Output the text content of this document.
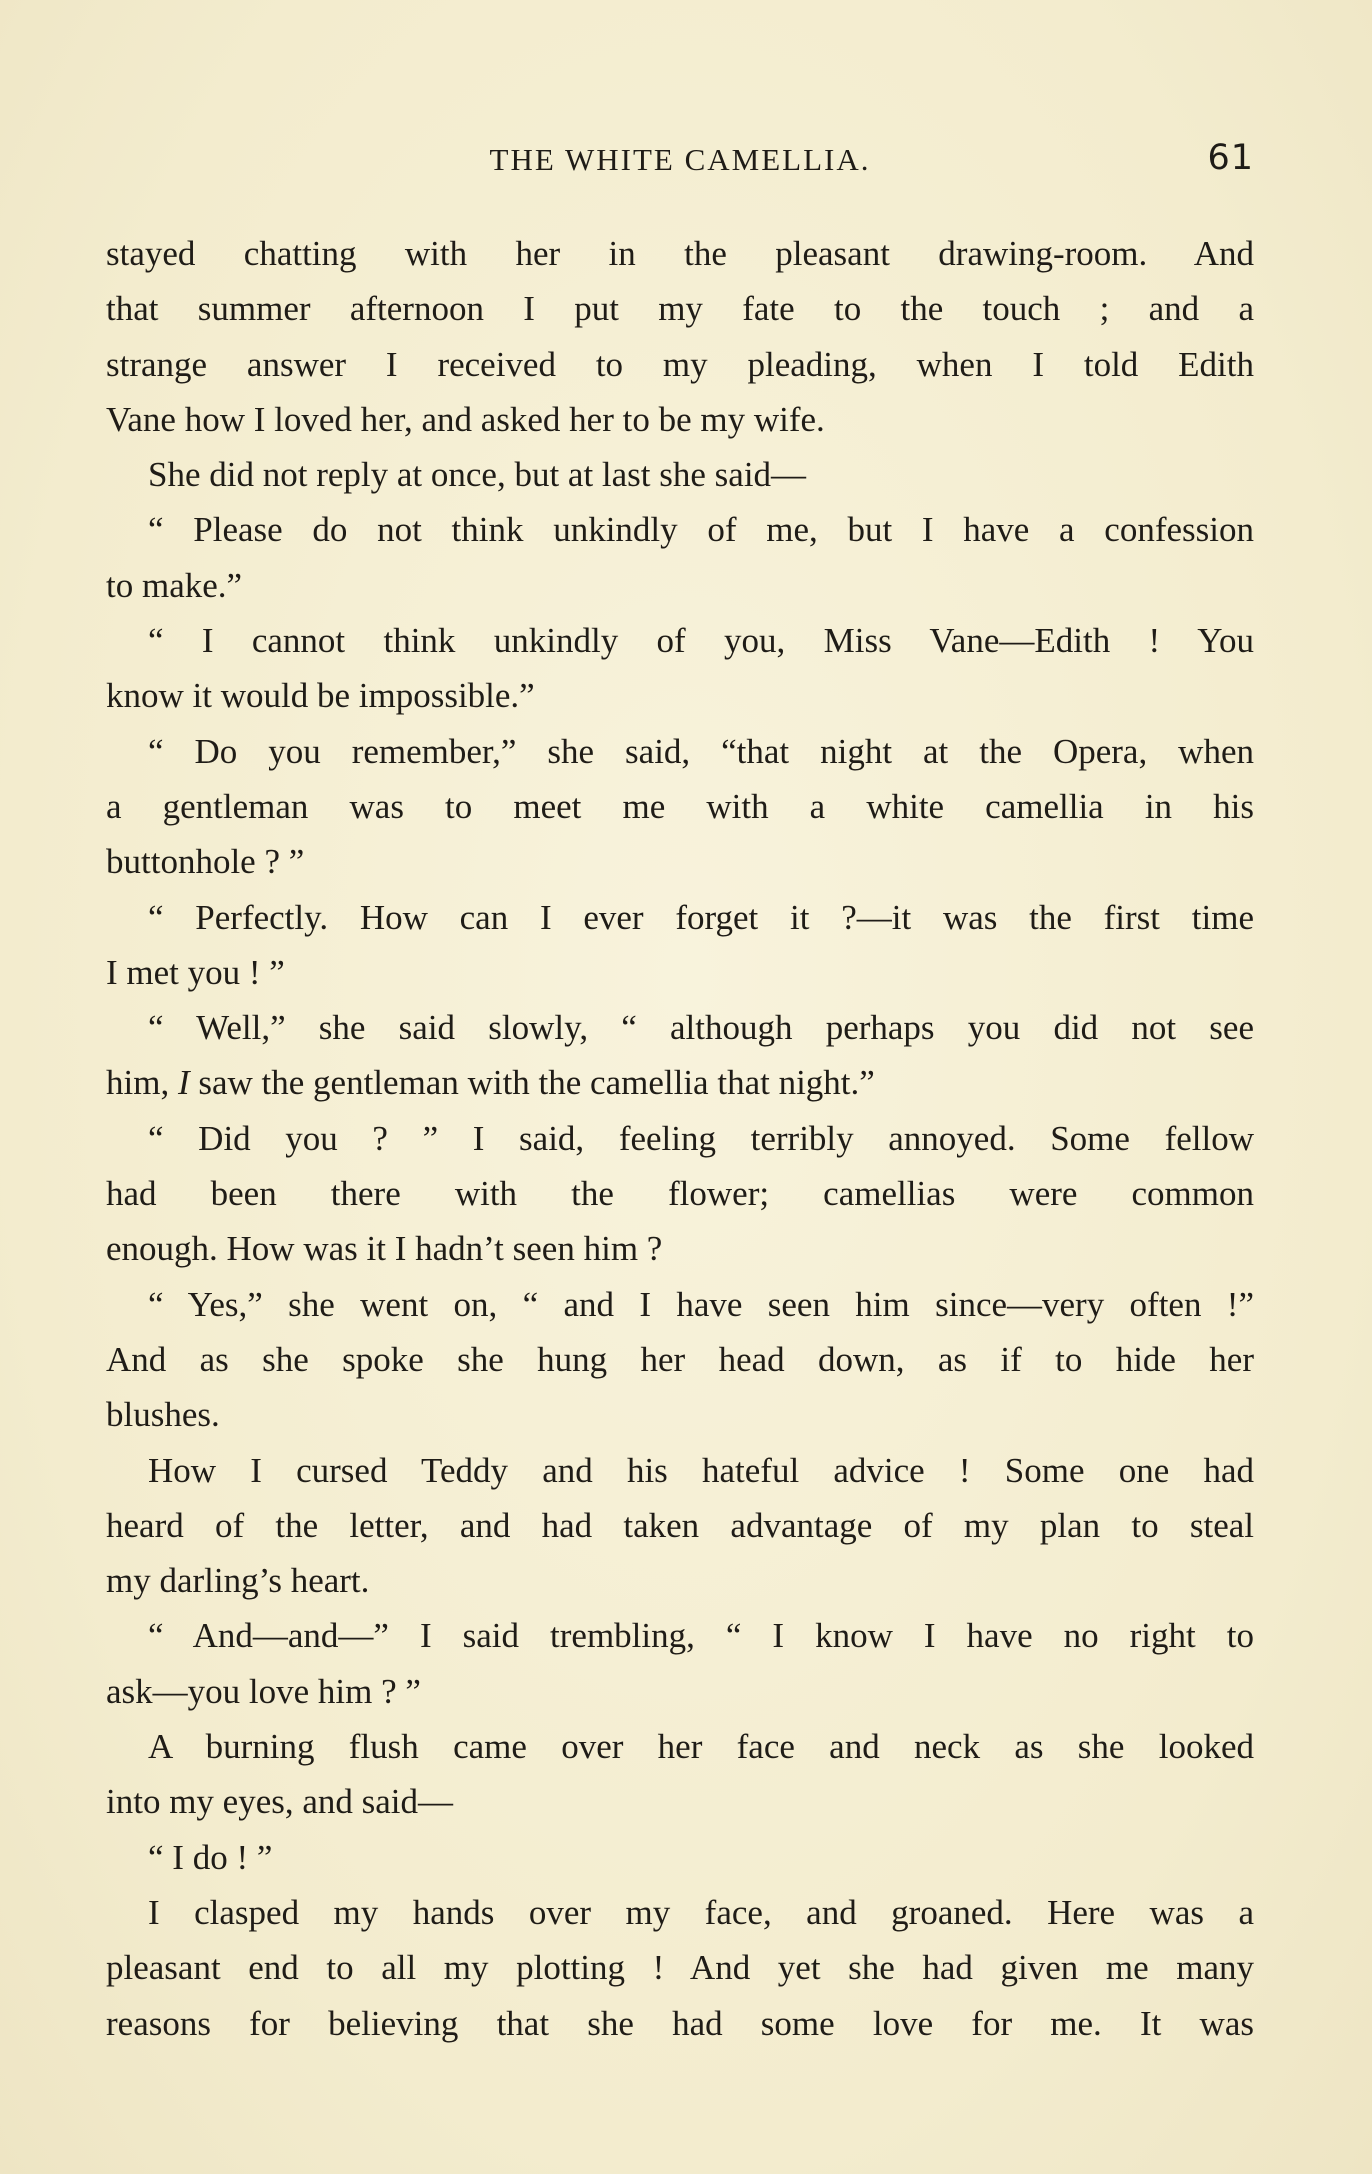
THE WHITE CAMELLIA.	61
stayed chatting with her in the pleasant drawing-room. And
that summer afternoon I put my fate to the touch ; and a
strange answer I received to my pleading, when I told Edith
Vane how I loved her, and asked her to be my wife.
She did not reply at once, but at last she said—
“ Please do not think unkindly of me, but I have a confession
to make.”
“ I cannot think unkindly of you, Miss Vane—Edith ! You
know it would be impossible.”
“ Do you remember,” she said, “that night at the Opera, when
a gentleman was to meet me with a white camellia in his
buttonhole ? ”
“ Perfectly. How can I ever forget it ?—it was the first time
I met you ! ”
“ Well,” she said slowly, “ although perhaps you did not see
him, I saw the gentleman with the camellia that night.”
“ Did you ? ” I said, feeling terribly annoyed. Some fellow
had been there with the flower; camellias were common
enough. How was it I hadn’t seen him ?
“ Yes,” she went on, “ and I have seen him since—very often !”
And as she spoke she hung her head down, as if to hide her
blushes.
How I cursed Teddy and his hateful advice ! Some one had
heard of the letter, and had taken advantage of my plan to steal
my darling’s heart.
“ And—and—” I said trembling, “ I know I have no right to
ask—you love him ? ”
A burning flush came over her face and neck as she looked
into my eyes, and said—
“ I do ! ”
I clasped my hands over my face, and groaned. Here was a
pleasant end to all my plotting ! And yet she had given me many
reasons for believing that she had some love for me. It was
